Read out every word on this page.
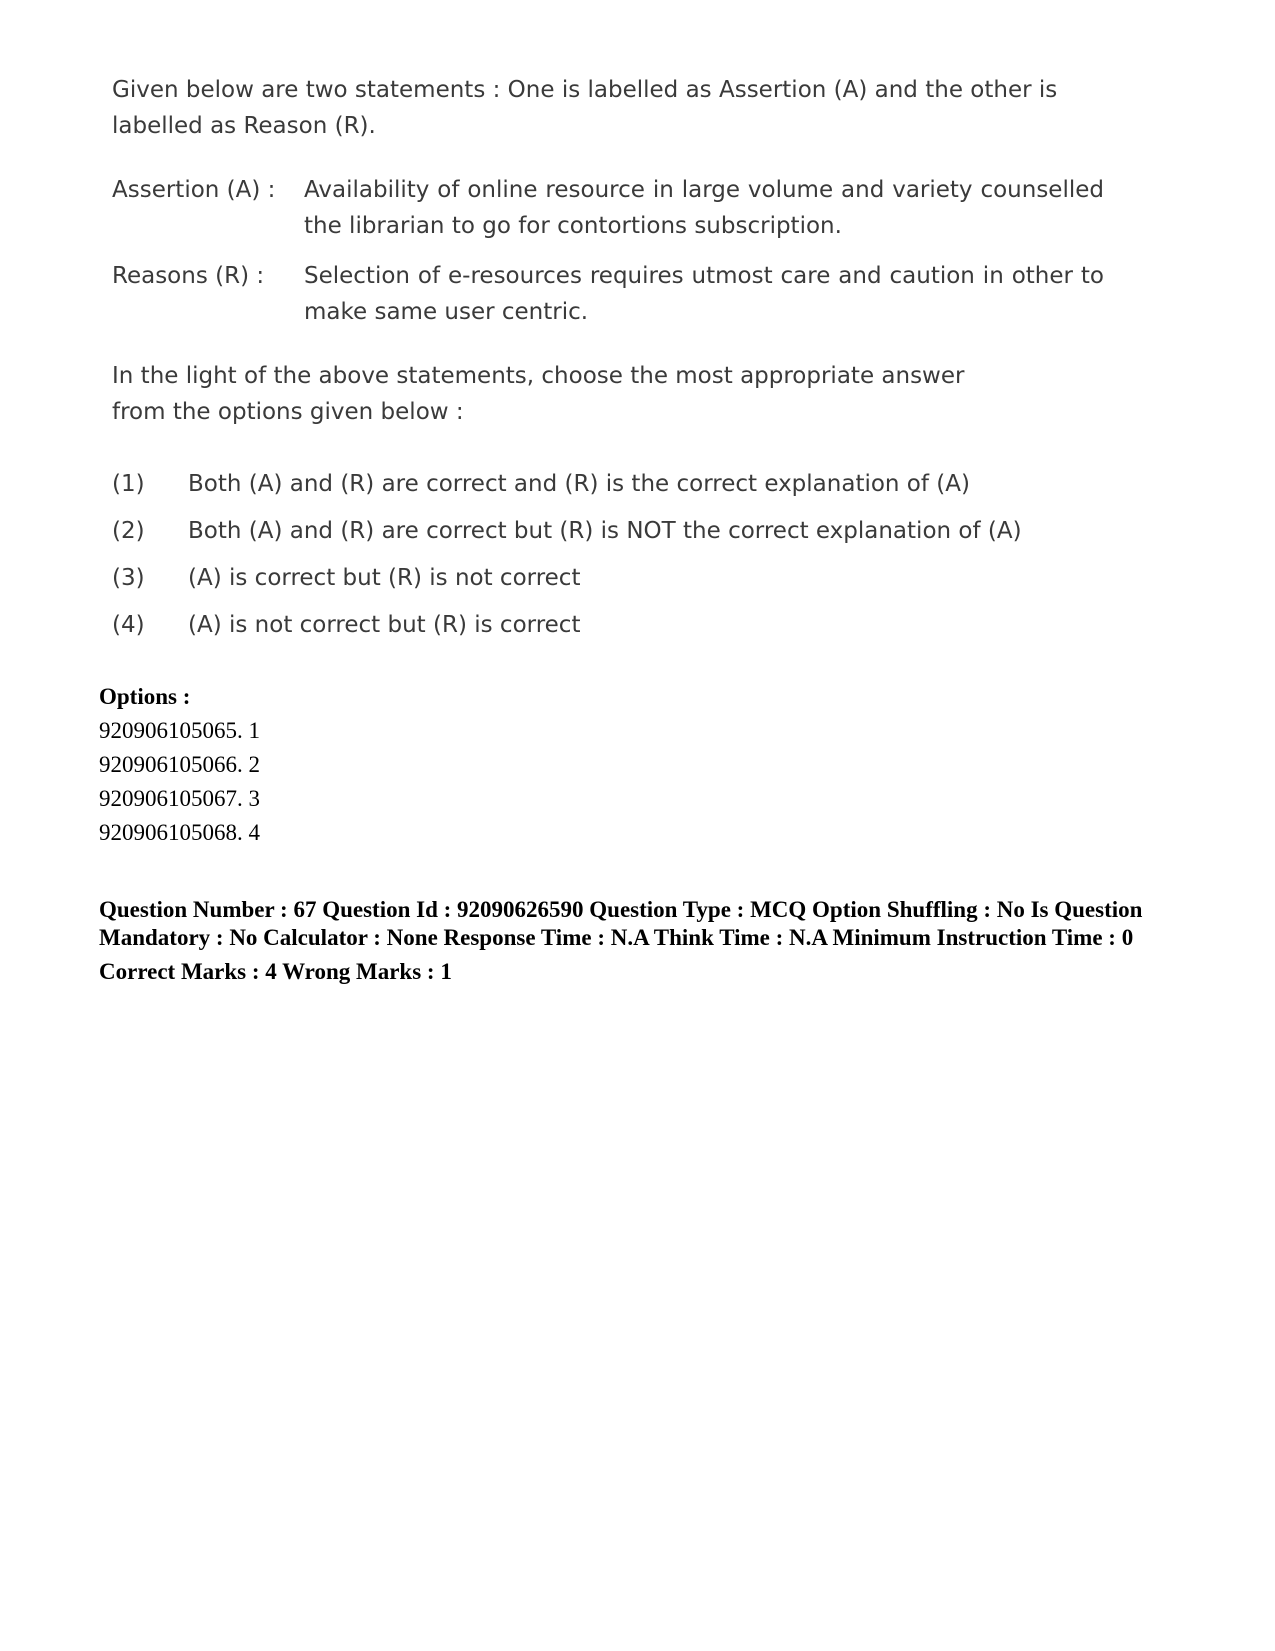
Given below are two statements : One is labelled as Assertion (A) and the other is labelled as Reason (R).

Assertion (A) :	Availability of online resource in large volume and variety counselled the librarian to go for contortions subscription.
Reasons (R) :	Selection of e-resources requires utmost care and caution in other to make same user centric.
In the light of the above statements, choose the most appropriate answer from the options given below :
(1)	Both (A) and (R) are correct and (R) is the correct explanation of (A)
(2)	Both (A) and (R) are correct but (R) is NOT the correct explanation of (A)
(3)	(A) is correct but (R) is not correct
(4)	(A) is not correct but (R) is correct
Options :
920906105065. 1
920906105066. 2
920906105067. 3
920906105068. 4
Question Number : 67 Question Id : 92090626590 Question Type : MCQ Option Shuffling : No Is Question Mandatory : No Calculator : None Response Time : N.A Think Time : N.A Minimum Instruction Time : 0
Correct Marks : 4 Wrong Marks : 1
